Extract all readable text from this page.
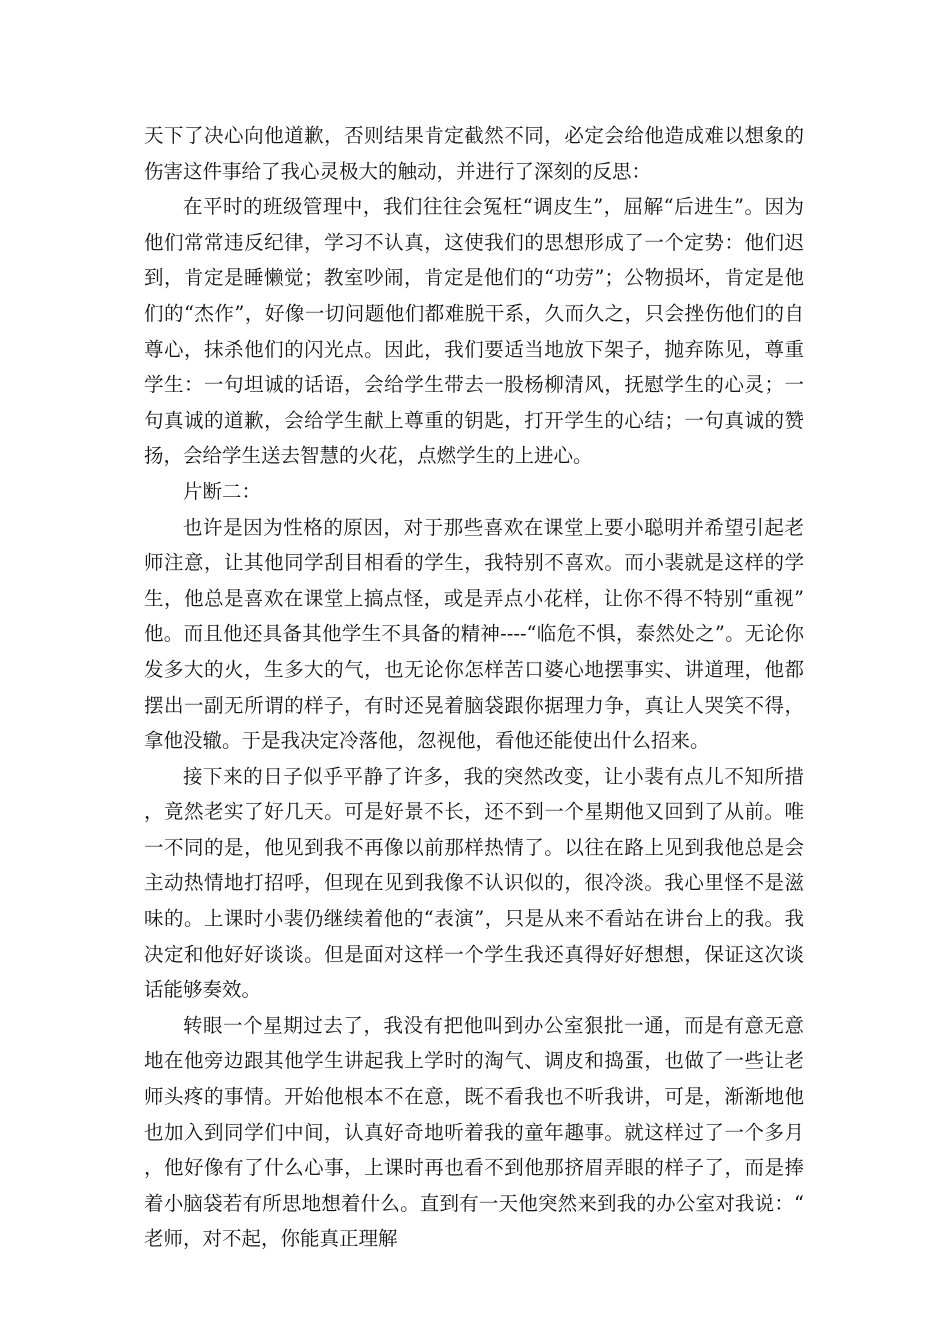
天下了决心向他道歉，否则结果肯定截然不同，必定会给他造成难以想象的伤害这件事给了我心灵极大的触动，并进行了深刻的反思：

在平时的班级管理中，我们往往会冤枉“调皮生”，屈解“后进生”。因为他们常常违反纪律，学习不认真，这使我们的思想形成了一个定势：他们迟到，肯定是睡懒觉；教室吵闹，肯定是他们的“功劳”；公物损坏，肯定是他们的“杰作”，好像一切问题他们都难脱干系，久而久之，只会挫伤他们的自尊心，抹杀他们的闪光点。因此，我们要适当地放下架子，抛弃陈见，尊重学生：一句坦诚的话语，会给学生带去一股杨柳清风，抚慰学生的心灵；一句真诚的道歉，会给学生献上尊重的钥匙，打开学生的心结；一句真诚的赞扬，会给学生送去智慧的火花，点燃学生的上进心。

片断二：

也许是因为性格的原因，对于那些喜欢在课堂上要小聪明并希望引起老师注意，让其他同学刮目相看的学生，我特别不喜欢。而小裴就是这样的学生，他总是喜欢在课堂上搞点怪，或是弄点小花样，让你不得不特别“重视”他。而且他还具备其他学生不具备的精神----“临危不惧，泰然处之”。无论你发多大的火，生多大的气，也无论你怎样苦口婆心地摆事实、讲道理，他都摆出一副无所谓的样子，有时还晃着脑袋跟你据理力争，真让人哭笑不得，拿他没辙。于是我决定冷落他，忽视他，看他还能使出什么招来。

接下来的日子似乎平静了许多，我的突然改变，让小裴有点儿不知所措，竟然老实了好几天。可是好景不长，还不到一个星期他又回到了从前。唯一不同的是，他见到我不再像以前那样热情了。以往在路上见到我他总是会主动热情地打招呼，但现在见到我像不认识似的，很冷淡。我心里怪不是滋味的。上课时小裴仍继续着他的“表演”，只是从来不看站在讲台上的我。我决定和他好好谈谈。但是面对这样一个学生我还真得好好想想，保证这次谈话能够奏效。

转眼一个星期过去了，我没有把他叫到办公室狠批一通，而是有意无意地在他旁边跟其他学生讲起我上学时的淘气、调皮和捣蛋，也做了一些让老师头疼的事情。开始他根本不在意，既不看我也不听我讲，可是，渐渐地他也加入到同学们中间，认真好奇地听着我的童年趣事。就这样过了一个多月，他好像有了什么心事，上课时再也看不到他那挤眉弄眼的样子了，而是捧着小脑袋若有所思地想着什么。直到有一天他突然来到我的办公室对我说：“老师，对不起，你能真正理解
